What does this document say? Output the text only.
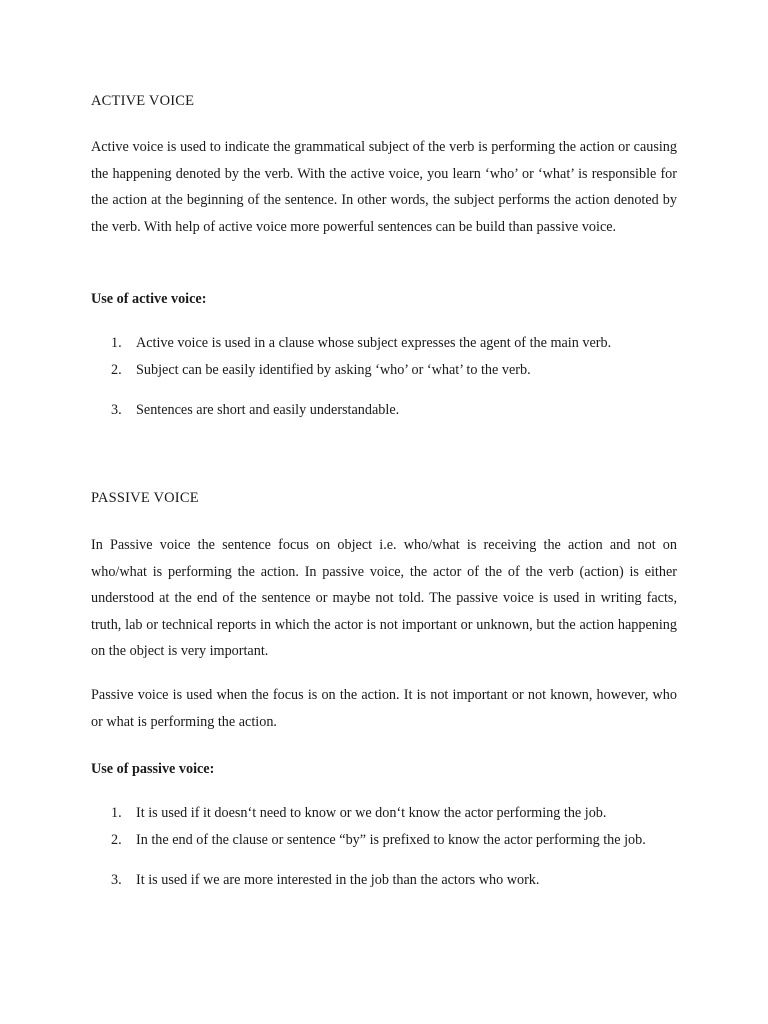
ACTIVE VOICE

Active voice is used to indicate the grammatical subject of the verb is performing the action or causing the happening denoted by the verb. With the active voice, you learn ‘who’ or ‘what’ is responsible for the action at the beginning of the sentence. In other words, the subject performs the action denoted by the verb. With help of active voice more powerful sentences can be build than passive voice.

Use of active voice:

1. Active voice is used in a clause whose subject expresses the agent of the main verb.
2. Subject can be easily identified by asking ‘who’ or ‘what’ to the verb.
3. Sentences are short and easily understandable.
PASSIVE VOICE

In Passive voice the sentence focus on object i.e. who/what is receiving the action and not on who/what is performing the action. In passive voice, the actor of the of the verb (action) is either understood at the end of the sentence or maybe not told. The passive voice is used in writing facts, truth, lab or technical reports in which the actor is not important or unknown, but the action happening on the object is very important.

Passive voice is used when the focus is on the action. It is not important or not known, however, who or what is performing the action.

Use of passive voice:

1. It is used if it doesn‘t need to know or we don‘t know the actor performing the job.
2. In the end of the clause or sentence “by” is prefixed to know the actor performing the job.
3. It is used if we are more interested in the job than the actors who work.
